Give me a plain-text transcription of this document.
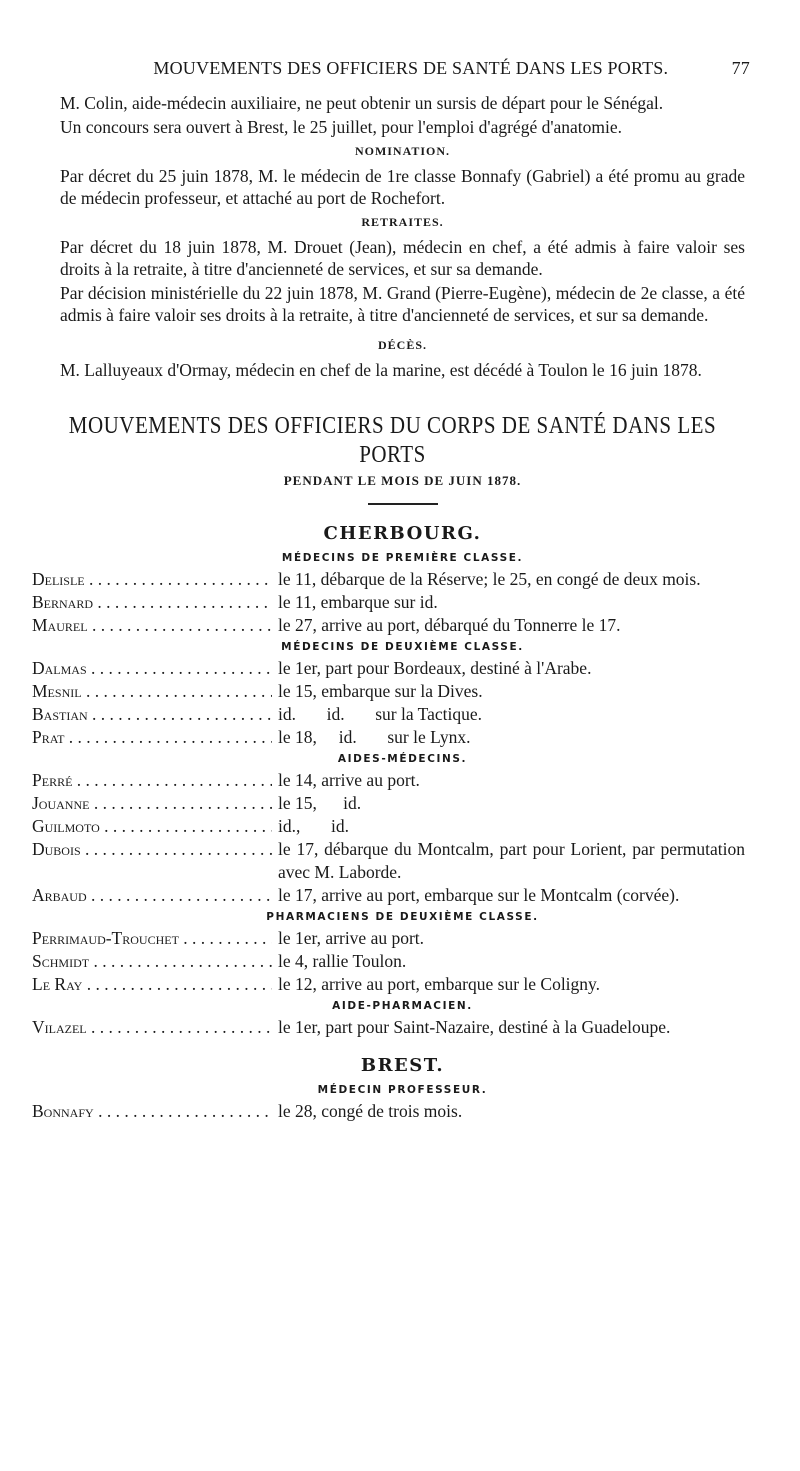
MOUVEMENTS DES OFFICIERS DE SANTÉ DANS LES PORTS.	77

M. Colin, aide-médecin auxiliaire, ne peut obtenir un sursis de départ pour le Sénégal.

Un concours sera ouvert à Brest, le 25 juillet, pour l'emploi d'agrégé d'anatomie.

NOMINATION.

Par décret du 25 juin 1878, M. le médecin de 1re classe Bonnafy (Gabriel) a été promu au grade de médecin professeur, et attaché au port de Rochefort.

RETRAITES.

Par décret du 18 juin 1878, M. Drouet (Jean), médecin en chef, a été admis à faire valoir ses droits à la retraite, à titre d'ancienneté de services, et sur sa demande.

Par décision ministérielle du 22 juin 1878, M. Grand (Pierre-Eugène), médecin de 2e classe, a été admis à faire valoir ses droits à la retraite, à titre d'ancienneté de services, et sur sa demande.

DÉCÈS.

M. Lalluyeaux d'Ormay, médecin en chef de la marine, est décédé à Toulon le 16 juin 1878.

MOUVEMENTS DES OFFICIERS DU CORPS DE SANTÉ DANS LES PORTS
PENDANT LE MOIS DE JUIN 1878.
CHERBOURG.
MÉDECINS DE PREMIÈRE CLASSE.
Delisle . . .	le 11, débarque de la Réserve; le 25, en congé de deux mois.
Bernard . . .	le 11, embarque sur id.
Maurel . . .	le 27, arrive au port, débarqué du Tonnerre le 17.
MÉDECINS DE DEUXIÈME CLASSE.
Dalmas . . .	le 1er, part pour Bordeaux, destiné à l'Arabe.
Mesnil . . .	le 15, embarque sur la Dives.
Bastian . . .	id.       id.       sur la Tactique.
Prat . . .	le 18,     id.       sur le Lynx.
AIDES-MÉDECINS.
Perré . . .	le 14, arrive au port.
Jouanne . . .	le 15,      id.
Guilmoto . . .	id.,       id.
Dubois . . .	le 17, débarque du Montcalm, part pour Lorient, par permutation avec M. Laborde.
Arbaud . . .	le 17, arrive au port, embarque sur le Montcalm (corvée).
PHARMACIENS DE DEUXIÈME CLASSE.
Perrimaud-Trouchet . . .	le 1er, arrive au port.
Schmidt . . .	le 4, rallie Toulon.
Le Ray . . .	le 12, arrive au port, embarque sur le Coligny.
AIDE-PHARMACIEN.
Vilazel . . .	le 1er, part pour Saint-Nazaire, destiné à la Guadeloupe.
BREST.
MÉDECIN PROFESSEUR.
Bonnafy . . .	le 28, congé de trois mois.
